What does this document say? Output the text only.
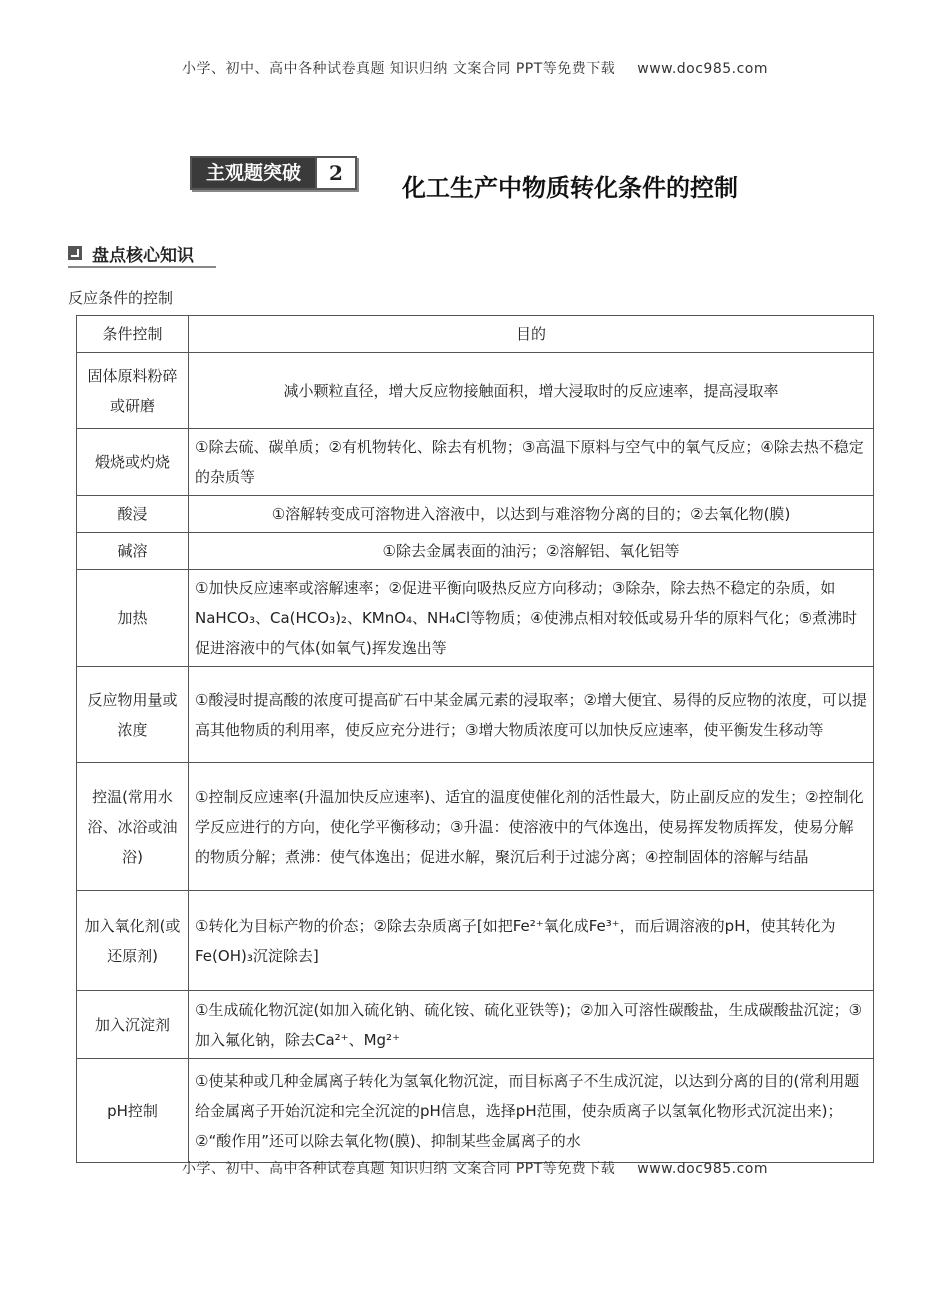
小学、初中、高中各种试卷真题 知识归纳 文案合同 PPT等免费下载 www.doc985.com
主观题突破	2
化工生产中物质转化条件的控制
盘点核心知识
反应条件的控制
条件控制	目的
固体原料粉碎或研磨	减小颗粒直径，增大反应物接触面积，增大浸取时的反应速率，提高浸取率
煅烧或灼烧	①除去硫、碳单质；②有机物转化、除去有机物；③高温下原料与空气中的氧气反应；④除去热不稳定的杂质等
酸浸	①溶解转变成可溶物进入溶液中，以达到与难溶物分离的目的；②去氧化物(膜)
碱溶	①除去金属表面的油污；②溶解铝、氧化铝等
加热	①加快反应速率或溶解速率；②促进平衡向吸热反应方向移动；③除杂，除去热不稳定的杂质，如NaHCO₃、Ca(HCO₃)₂、KMnO₄、NH₄Cl等物质；④使沸点相对较低或易升华的原料气化；⑤煮沸时促进溶液中的气体(如氧气)挥发逸出等
反应物用量或浓度	①酸浸时提高酸的浓度可提高矿石中某金属元素的浸取率；②增大便宜、易得的反应物的浓度，可以提高其他物质的利用率，使反应充分进行；③增大物质浓度可以加快反应速率，使平衡发生移动等
控温(常用水浴、冰浴或油浴)	①控制反应速率(升温加快反应速率)、适宜的温度使催化剂的活性最大，防止副反应的发生；②控制化学反应进行的方向，使化学平衡移动；③升温：使溶液中的气体逸出，使易挥发物质挥发，使易分解的物质分解；煮沸：使气体逸出；促进水解，聚沉后利于过滤分离；④控制固体的溶解与结晶
加入氧化剂(或还原剂)	①转化为目标产物的价态；②除去杂质离子[如把Fe²⁺氧化成Fe³⁺，而后调溶液的pH，使其转化为Fe(OH)₃沉淀除去]
加入沉淀剂	①生成硫化物沉淀(如加入硫化钠、硫化铵、硫化亚铁等)；②加入可溶性碳酸盐，生成碳酸盐沉淀；③加入氟化钠，除去Ca²⁺、Mg²⁺
pH控制	①使某种或几种金属离子转化为氢氧化物沉淀，而目标离子不生成沉淀，以达到分离的目的(常利用题给金属离子开始沉淀和完全沉淀的pH信息，选择pH范围，使杂质离子以氢氧化物形式沉淀出来)；②“酸作用”还可以除去氧化物(膜)、抑制某些金属离子的水
小学、初中、高中各种试卷真题 知识归纳 文案合同 PPT等免费下载 www.doc985.com
